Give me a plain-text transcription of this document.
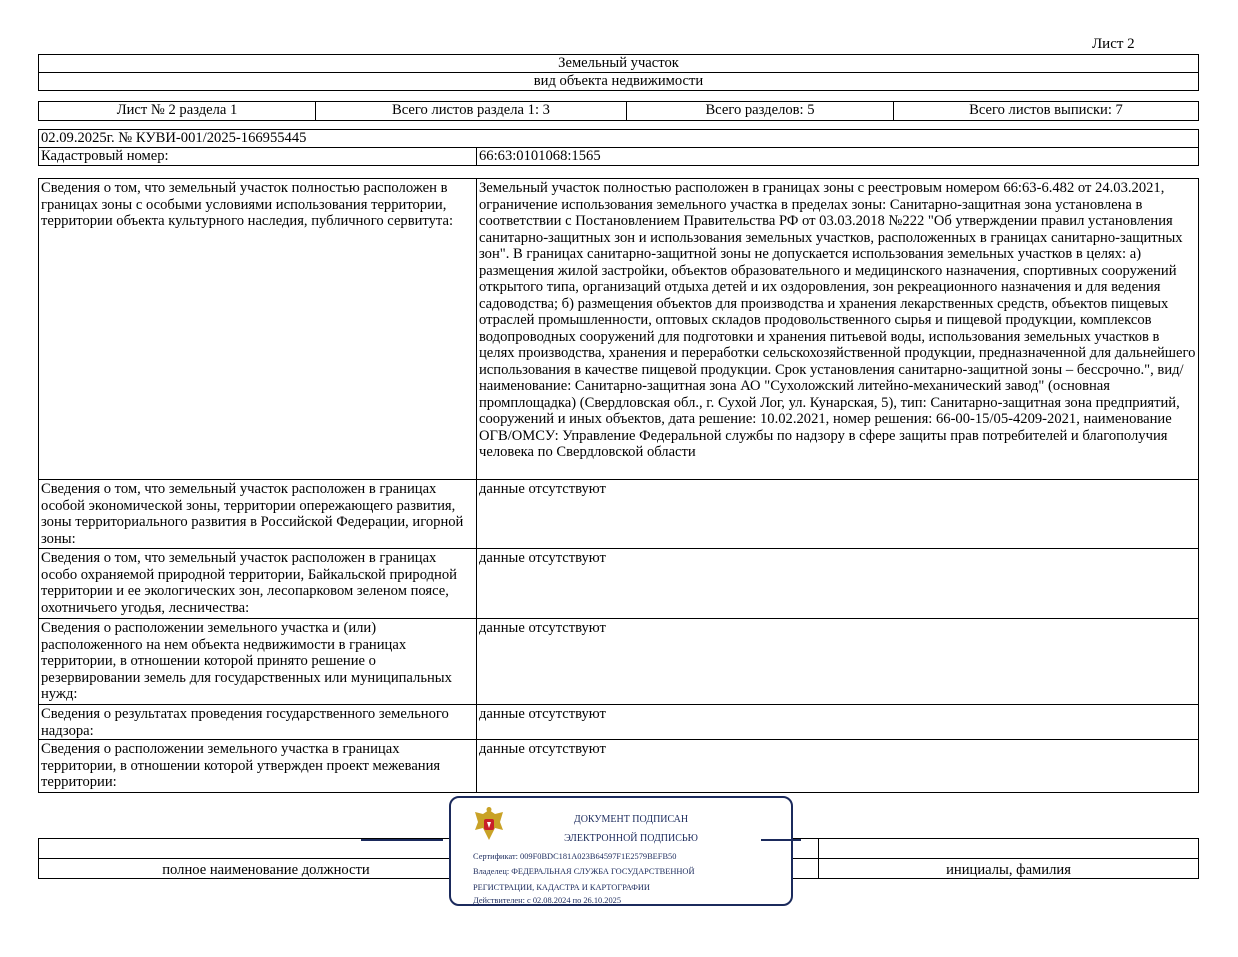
Лист 2
Земельный участок
вид объекта недвижимости
Лист № 2 раздела 1	Всего листов раздела 1: 3	Всего разделов: 5	Всего листов выписки: 7
02.09.2025г. № КУВИ-001/2025-166955445
Кадастровый номер:	66:63:0101068:1565
Сведения о том, что земельный участок полностью расположен в границах зоны с особыми условиями использования территории, территории объекта культурного наследия, публичного сервитута:	Земельный участок полностью расположен в границах зоны с реестровым номером 66:63-6.482 от 24.03.2021, ограничение использования земельного участка в пределах зоны: Санитарно-защитная зона установлена в соответствии с Постановлением Правительства РФ от 03.03.2018 №222 "Об утверждении правил установления санитарно-защитных зон и использования земельных участков, расположенных в границах санитарно-защитных зон". В границах санитарно-защитной зоны не допускается использования земельных участков в целях: а) размещения жилой застройки, объектов образовательного и медицинского назначения, спортивных сооружений открытого типа, организаций отдыха детей и их оздоровления, зон рекреационного назначения и для ведения садоводства; б) размещения объектов для производства и хранения лекарственных средств, объектов пищевых отраслей промышленности, оптовых складов продовольственного сырья и пищевой продукции, комплексов водопроводных сооружений для подготовки и хранения питьевой воды, использования земельных участков в целях производства, хранения и переработки сельскохозяйственной продукции, предназначенной для дальнейшего использования в качестве пищевой продукции. Срок установления санитарно-защитной зоны – бессрочно.", вид/наименование: Санитарно-защитная зона АО "Сухоложский литейно-механический завод" (основная промплощадка) (Свердловская обл., г. Сухой Лог, ул. Кунарская, 5), тип: Санитарно-защитная зона предприятий, сооружений и иных объектов, дата решение: 10.02.2021, номер решения: 66-00-15/05-4209-2021, наименование ОГВ/ОМСУ: Управление Федеральной службы по надзору в сфере защиты прав потребителей и благополучия человека по Свердловской области
Сведения о том, что земельный участок расположен в границах особой экономической зоны, территории опережающего развития, зоны территориального развития в Российской Федерации, игорной зоны:	данные отсутствуют
Сведения о том, что земельный участок расположен в границах особо охраняемой природной территории, Байкальской природной территории и ее экологических зон, лесопарковом зеленом поясе, охотничьего угодья, лесничества:	данные отсутствуют
Сведения о расположении земельного участка и (или) расположенного на нем объекта недвижимости в границах территории, в отношении которой принято решение о резервировании земель для государственных или муниципальных нужд:	данные отсутствуют
Сведения о результатах проведения государственного земельного надзора:	данные отсутствуют
Сведения о расположении земельного участка в границах территории, в отношении которой утвержден проект межевания территории:	данные отсутствуют

полное наименование должности		инициалы, фамилия
ДОКУМЕНТ ПОДПИСАН
ЭЛЕКТРОННОЙ ПОДПИСЬЮ
Сертификат: 009F0BDC181A023B64597F1E2579BEFB50
Владелец: ФЕДЕРАЛЬНАЯ СЛУЖБА ГОСУДАРСТВЕННОЙ
РЕГИСТРАЦИИ, КАДАСТРА И КАРТОГРАФИИ
Действителен: с 02.08.2024 по 26.10.2025
